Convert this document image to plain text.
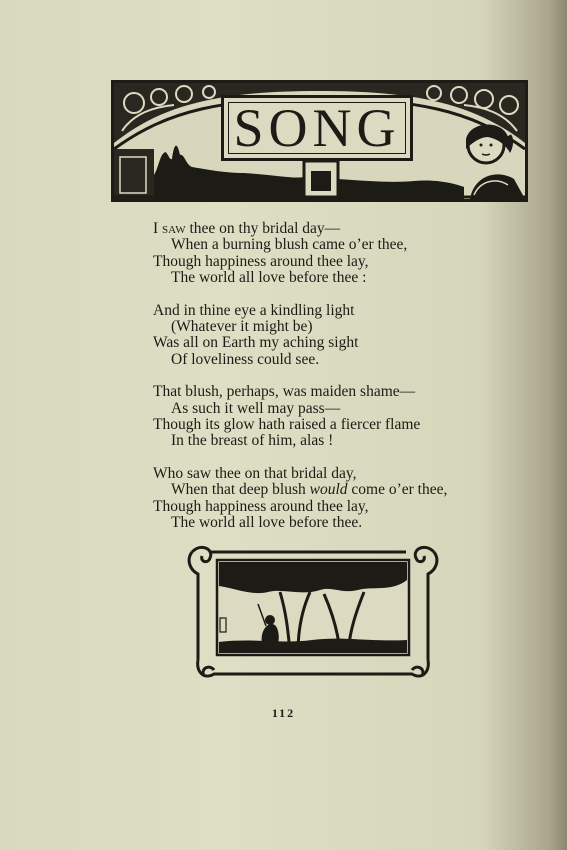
SONG
I saw thee on thy bridal day—
When a burning blush came o’er thee,
Though happiness around thee lay,
The world all love before thee :
And in thine eye a kindling light
(Whatever it might be)
Was all on Earth my aching sight
Of loveliness could see.
That blush, perhaps, was maiden shame—
As such it well may pass—
Though its glow hath raised a fiercer flame
In the breast of him, alas !
Who saw thee on that bridal day,
When that deep blush would come o’er thee,
Though happiness around thee lay,
The world all love before thee.
112
